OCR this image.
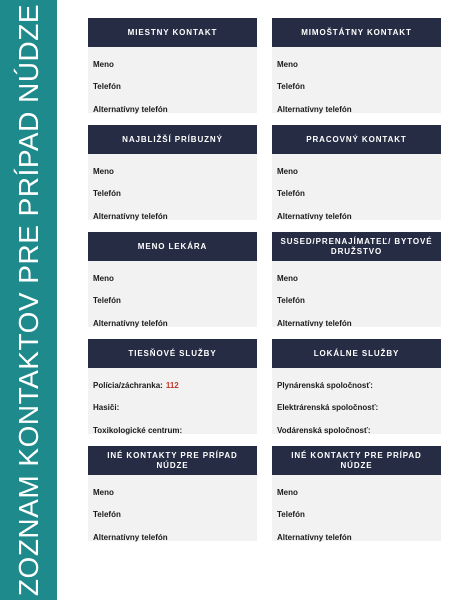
ZOZNAM KONTAKTOV PRE PRÍPAD NÚDZE	MIESTNY KONTAKT
Meno
Telefón
Alternatívny telefón
MIMOŠTÁTNY KONTAKT
Meno
Telefón
Alternatívny telefón
NAJBLIŽŠÍ PRÍBUZNÝ
Meno
Telefón
Alternatívny telefón
PRACOVNÝ KONTAKT
Meno
Telefón
Alternatívny telefón
MENO LEKÁRA
Meno
Telefón
Alternatívny telefón
SUSED/PRENAJÍMATEĽ/ BYTOVÉ DRUŽSTVO
Meno
Telefón
Alternatívny telefón
TIESŇOVÉ SLUŽBY
Polícia/záchranka: 112
Hasiči:
Toxikologické centrum:
LOKÁLNE SLUŽBY
Plynárenská spoločnosť:
Elektrárenská spoločnosť:
Vodárenská spoločnosť:
INÉ KONTAKTY PRE PRÍPAD NÚDZE
Meno
Telefón
Alternatívny telefón
INÉ KONTAKTY PRE PRÍPAD NÚDZE
Meno
Telefón
Alternatívny telefón
